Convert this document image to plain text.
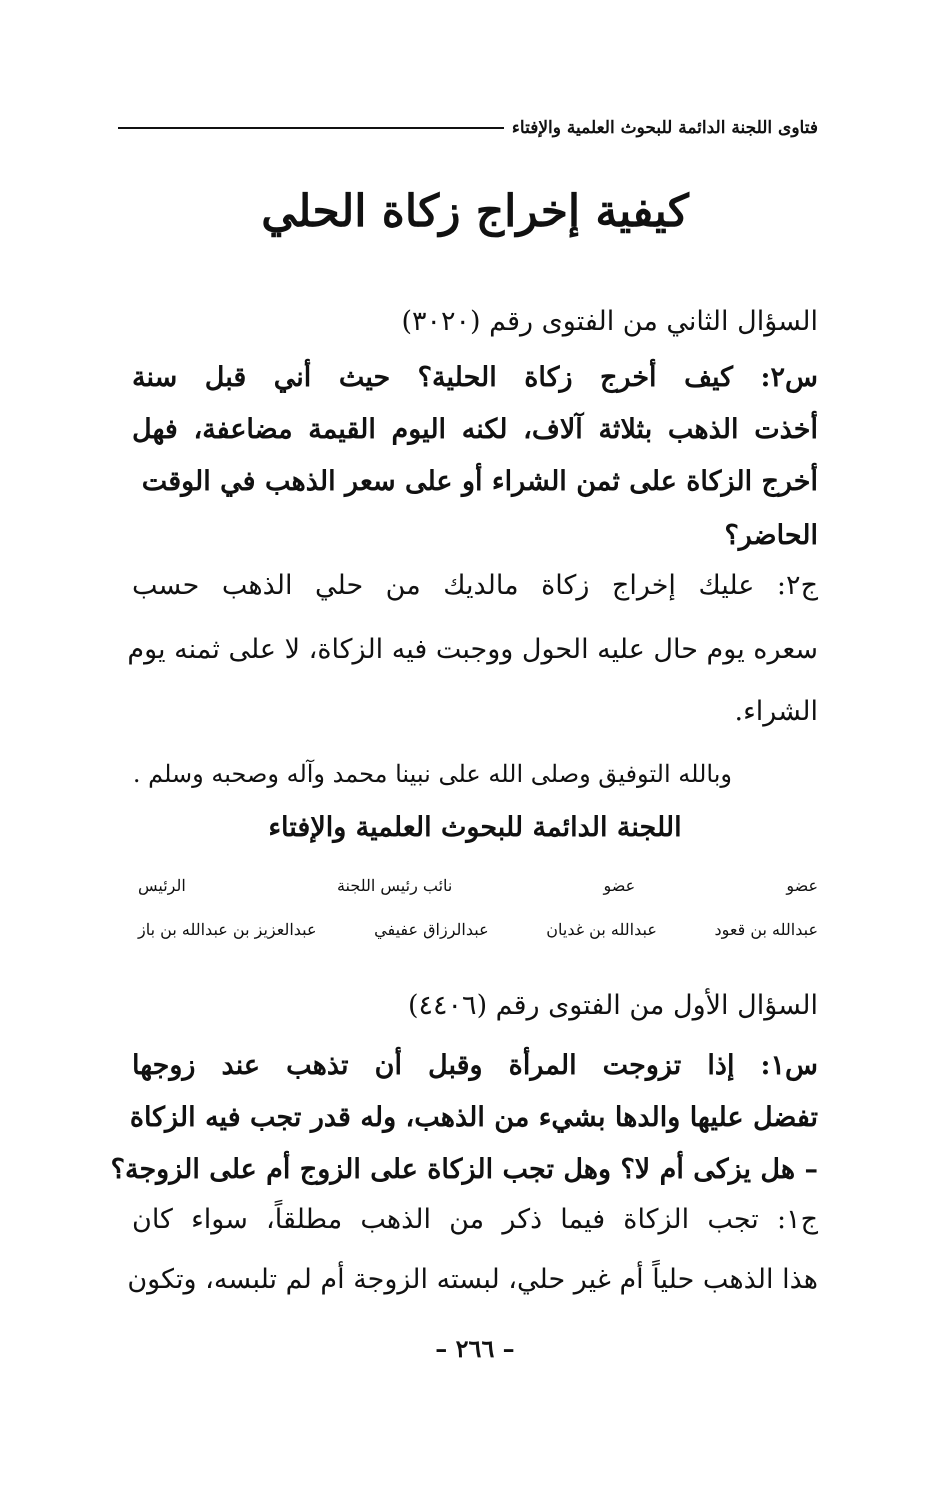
فتاوى اللجنة الدائمة للبحوث العلمية والإفتاء
كيفية إخراج زكاة الحلي
السؤال الثاني من الفتوى رقم (٣٠٢٠)
س٢: كيف أخرج زكاة الحلية؟ حيث أني قبل سنة
أخذت الذهب بثلاثة آلاف، لكنه اليوم القيمة مضاعفة، فهل
أخرج الزكاة على ثمن الشراء أو على سعر الذهب في الوقت
الحاضر؟
ج٢: عليك إخراج زكاة مالديك من حلي الذهب حسب
سعره يوم حال عليه الحول ووجبت فيه الزكاة، لا على ثمنه يوم
الشراء.
وبالله التوفيق وصلى الله على نبينا محمد وآله وصحبه وسلم .
اللجنة الدائمة للبحوث العلمية والإفتاء
عضو
عضو
نائب رئيس اللجنة
الرئيس
عبدالله بن قعود
عبدالله بن غديان
عبدالرزاق عفيفي
عبدالعزيز بن عبدالله بن باز
السؤال الأول من الفتوى رقم (٤٤٠٦)
س١: إذا تزوجت المرأة وقبل أن تذهب عند زوجها
تفضل عليها والدها بشيء من الذهب، وله قدر تجب فيه الزكاة
– هل يزكى أم لا؟ وهل تجب الزكاة على الزوج أم على الزوجة؟
ج١: تجب الزكاة فيما ذكر من الذهب مطلقاً، سواء كان
هذا الذهب حلياً أم غير حلي، لبسته الزوجة أم لم تلبسه، وتكون
– ٢٦٦ –
